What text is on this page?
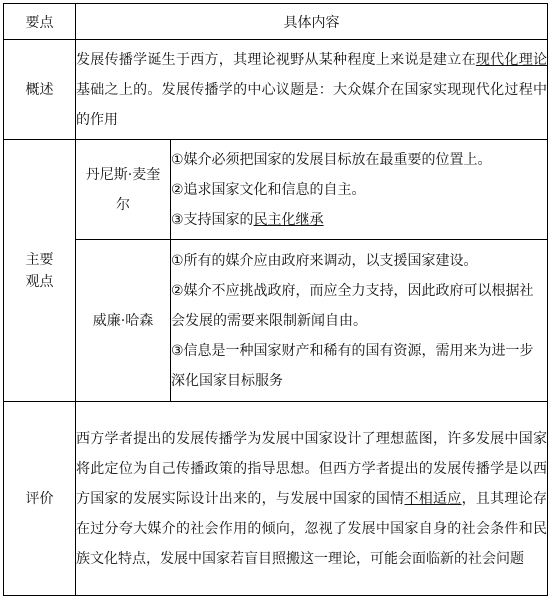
要点	具体内容	
概述	发展传播学诞生于西方，其理论视野从某种程度上来说是建立在现代化理论基础之上的。发展传播学的中心议题是：大众媒介在国家实现现代化过程中的作用	

主要观点	丹尼斯·麦奎尔	①媒介必须把国家的发展目标放在最重要的位置上。
②追求国家文化和信息的自主。
③支持国家的民主化继承

	威廉·哈森	①所有的媒介应由政府来调动，以支援国家建设。
②媒介不应挑战政府，而应全力支持，因此政府可以根据社会发展的需要来限制新闻自由。
③信息是一种国家财产和稀有的国有资源，需用来为进一步深化国家目标服务

评价	西方学者提出的发展传播学为发展中国家设计了理想蓝图，许多发展中国家将此定位为自己传播政策的指导思想。但西方学者提出的发展传播学是以西方国家的发展实际设计出来的，与发展中国家的国情不相适应，且其理论存在过分夸大媒介的社会作用的倾向，忽视了发展中国家自身的社会条件和民族文化特点，发展中国家若盲目照搬这一理论，可能会面临新的社会问题	
